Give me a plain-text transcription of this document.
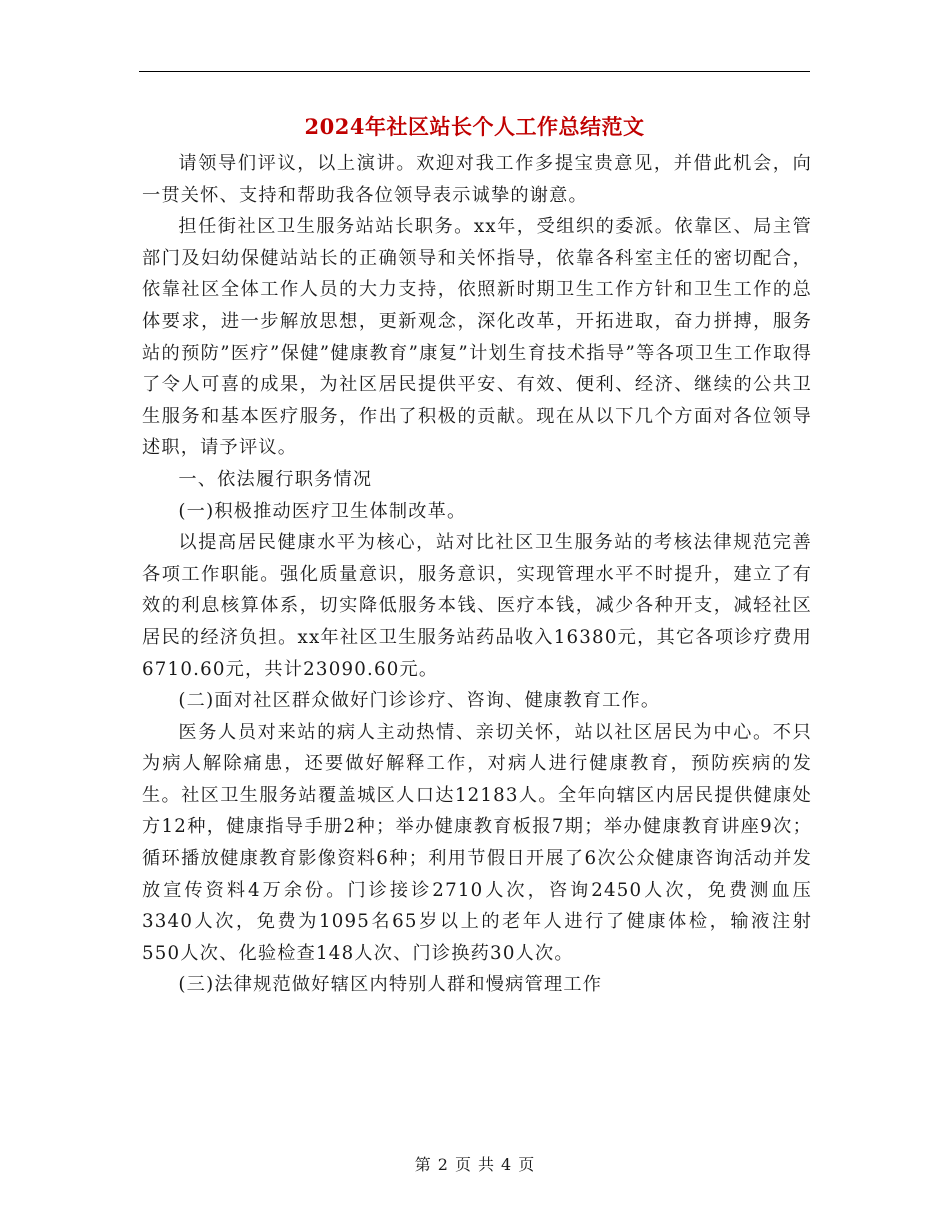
2024年社区站长个人工作总结范文

请领导们评议，以上演讲。欢迎对我工作多提宝贵意见，并借此机会，向一贯关怀、支持和帮助我各位领导表示诚挚的谢意。

担任街社区卫生服务站站长职务。xx年，受组织的委派。依靠区、局主管部门及妇幼保健站站长的正确领导和关怀指导，依靠各科室主任的密切配合，依靠社区全体工作人员的大力支持，依照新时期卫生工作方针和卫生工作的总体要求，进一步解放思想，更新观念，深化改革，开拓进取，奋力拼搏，服务站的预防”医疗”保健”健康教育”康复”计划生育技术指导”等各项卫生工作取得了令人可喜的成果，为社区居民提供平安、有效、便利、经济、继续的公共卫生服务和基本医疗服务，作出了积极的贡献。现在从以下几个方面对各位领导述职，请予评议。

一、依法履行职务情况

(一)积极推动医疗卫生体制改革。

以提高居民健康水平为核心，站对比社区卫生服务站的考核法律规范完善各项工作职能。强化质量意识，服务意识，实现管理水平不时提升，建立了有效的利息核算体系，切实降低服务本钱、医疗本钱，减少各种开支，减轻社区居民的经济负担。xx年社区卫生服务站药品收入16380元，其它各项诊疗费用6710.60元，共计23090.60元。

(二)面对社区群众做好门诊诊疗、咨询、健康教育工作。

医务人员对来站的病人主动热情、亲切关怀，站以社区居民为中心。不只为病人解除痛患，还要做好解释工作，对病人进行健康教育，预防疾病的发生。社区卫生服务站覆盖城区人口达12183人。全年向辖区内居民提供健康处方12种，健康指导手册2种；举办健康教育板报7期；举办健康教育讲座9次；循环播放健康教育影像资料6种；利用节假日开展了6次公众健康咨询活动并发放宣传资料4万余份。门诊接诊2710人次，咨询2450人次，免费测血压3340人次，免费为1095名65岁以上的老年人进行了健康体检，输液注射550人次、化验检查148人次、门诊换药30人次。

(三)法律规范做好辖区内特别人群和慢病管理工作

第 2 页 共 4 页
